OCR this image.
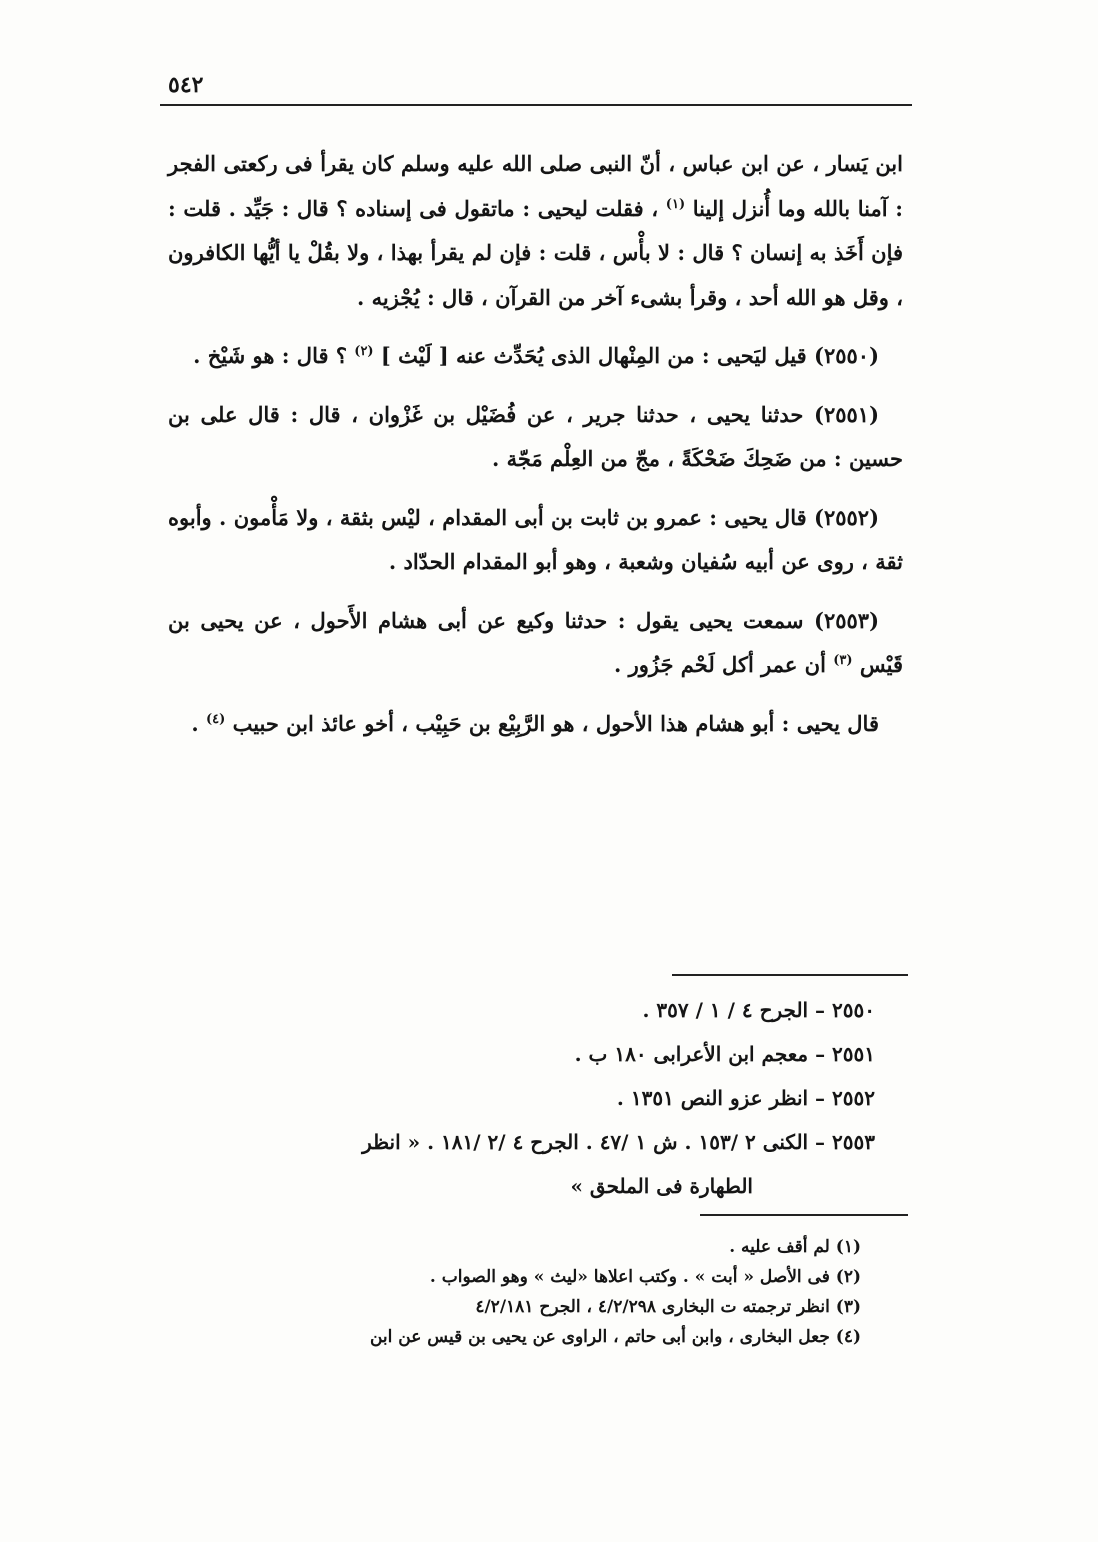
٥٤٢

ابن يَسار ، عن ابن عباس ، أنّ النبى صلى الله عليه وسلم كان يقرأ فى ركعتى الفجر : آمنا بالله وما أُنزل إلينا $^{(١)}$ ، فقلت ليحيى : ماتقول فى إسناده ؟ قال : جَيِّد . قلت : فإن أَخَذ به إنسان ؟ قال : لا بأْس ، قلت : فإن لم يقرأ بهذا ، ولا بقُلْ يا أيُّها الكافرون ، وقل هو الله أحد ، وقرأ بشىء آخر من القرآن ، قال : يُجْزيه .

(٢٥٥٠) قيل ليَحيى : من المِنْهال الذى يُحَدِّث عنه [ لَيْث ] $^{(٢)}$ ؟ قال : هو شَيْخ .

(٢٥٥١) حدثنا يحيى ، حدثنا جرير ، عن فُضَيْل بن غَزْوان ، قال : قال على بن حسين : من ضَحِكَ ضَحْكَةً ، مجّ من العِلْم مَجّة .

(٢٥٥٢) قال يحيى : عمرو بن ثابت بن أبى المقدام ، ليْس بثقة ، ولا مَأْمون . وأبوه ثقة ، روى عن أبيه سُفيان وشعبة ، وهو أبو المقدام الحدّاد .

(٢٥٥٣) سمعت يحيى يقول : حدثنا وكيع عن أبى هشام الأَحول ، عن يحيى بن قَيْس $^{(٣)}$ أن عمر أكل لَحْم جَزُور .

قال يحيى : أبو هشام هذا الأحول ، هو الرَّبِيْع بن حَبِيْب ، أخو عائذ ابن حبيب $^{(٤)}$ .

٢٥٥٠ – الجرح ٤ / ١ / ٣٥٧ .

٢٥٥١ – معجم ابن الأعرابى ١٨٠ ب .

٢٥٥٢ – انظر عزو النص ١٣٥١ .

٢٥٥٣ – الكنى ٢ /١٥٣ . ش ١ /٤٧ . الجرح ٤ /٢ /١٨١ . « انظر

الطهارة فى الملحق »

(١) لم أقف عليه .

(٢) فى الأصل « أبت » . وكتب اعلاها «ليث » وهو الصواب .

(٣) انظر ترجمته ت البخارى ٤/٢/٢٩٨ ، الجرح ٤/٢/١٨١

(٤) جعل البخارى ، وابن أبى حاتم ، الراوى عن يحيى بن قيس عن ابن
